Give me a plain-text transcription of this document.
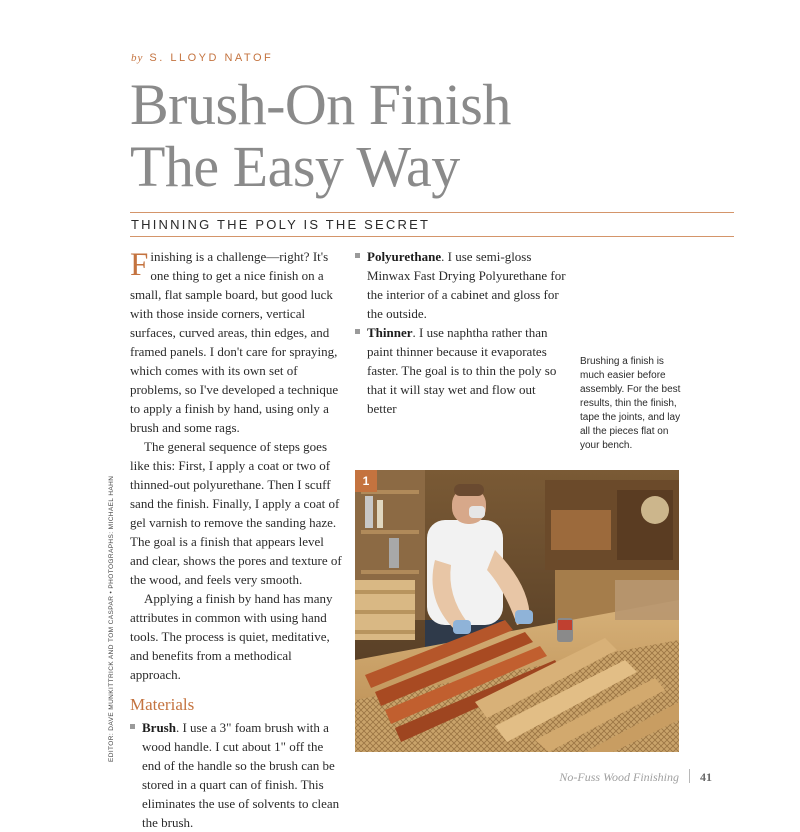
by S. LLOYD NATOF
Brush-On Finish
The Easy Way
THINNING THE POLY IS THE SECRET

Finishing is a challenge—right? It's one thing to get a nice finish on a small, flat sample board, but good luck with those inside corners, vertical surfaces, curved areas, thin edges, and framed panels. I don't care for spraying, which comes with its own set of problems, so I've developed a technique to apply a finish by hand, using only a brush and some rags.

The general sequence of steps goes like this: First, I apply a coat or two of thinned-out polyurethane. Then I scuff sand the finish. Finally, I apply a coat of gel varnish to remove the sanding haze. The goal is a finish that appears level and clear, shows the pores and texture of the wood, and feels very smooth.

Applying a finish by hand has many attributes in common with using hand tools. The process is quiet, meditative, and benefits from a methodical approach.

Materials

Brush. I use a 3" foam brush with a wood handle. I cut about 1" off the end of the handle so the brush can be stored in a quart can of finish. This eliminates the use of solvents to clean the brush.

Polyurethane. I use semi-gloss Minwax Fast Drying Polyurethane for the interior of a cabinet and gloss for the outside.

Thinner. I use naphtha rather than paint thinner because it evaporates faster. The goal is to thin the poly so that it will stay wet and flow out better

Brushing a finish is much easier before assembly. For the best results, thin the finish, tape the joints, and lay all the pieces flat on your bench.
EDITOR: DAVE MUNKITTRICK AND TOM CASPAR • PHOTOGRAPHS: MICHAEL HAHN	1
No-Fuss Wood Finishing 41
